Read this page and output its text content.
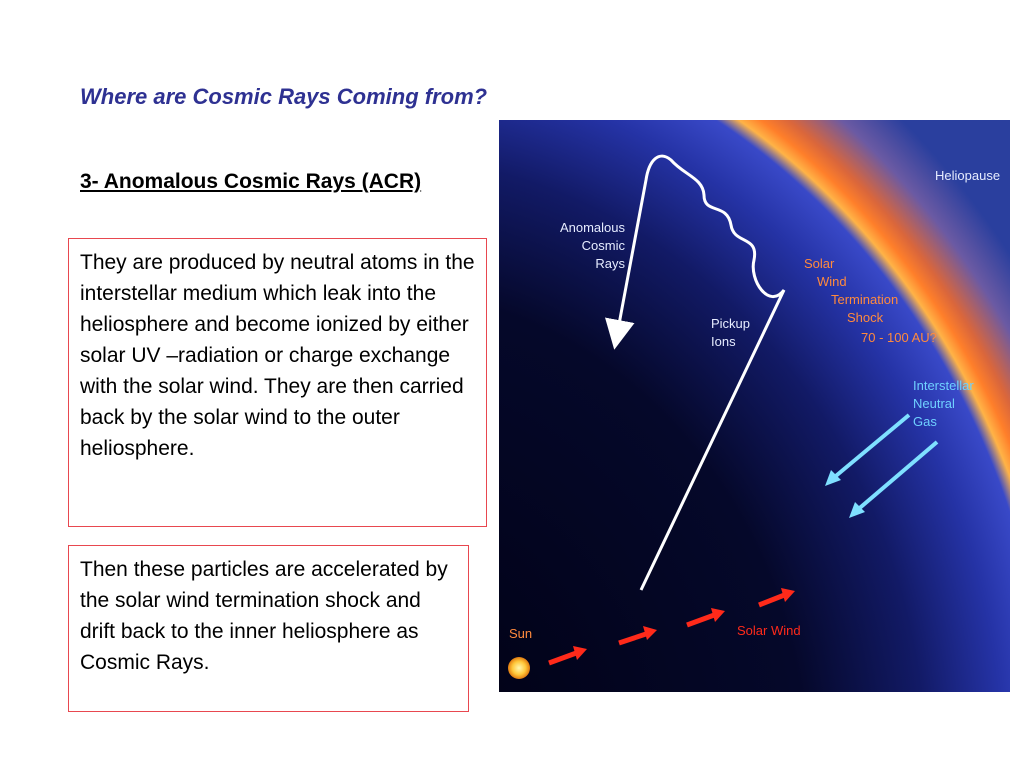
Where are Cosmic Rays Coming from?
3- Anomalous Cosmic Rays (ACR)
They are produced by neutral atoms in the interstellar medium which leak into the heliosphere and become ionized by either solar UV –radiation or charge exchange with the solar wind. They are then carried back by the solar wind to the outer heliosphere.
Then these particles are accelerated by the solar wind termination shock and drift back to the inner heliosphere as Cosmic Rays.
Heliopause
Anomalous
Cosmic
Rays	Solar
Wind
Termination
Shock
70 - 100 AU?
Pickup
Ions
Interstellar
Neutral
Gas
Sun	Solar Wind
